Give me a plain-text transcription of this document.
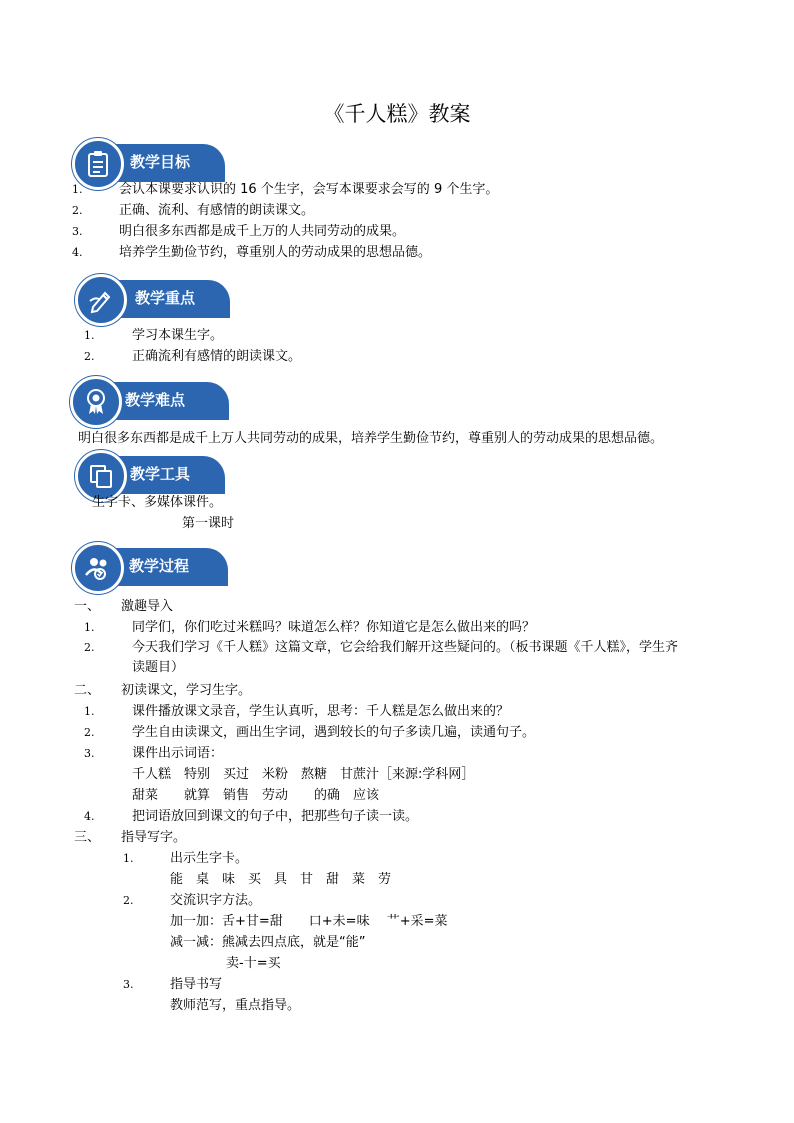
《千人糕》教案
教学目标
1.	会认本课要求认识的 16 个生字，会写本课要求会写的 9 个生字。
2.	正确、流利、有感情的朗读课文。
3.	明白很多东西都是成千上万的人共同劳动的成果。
4.	培养学生勤俭节约，尊重别人的劳动成果的思想品德。
教学重点
1.	学习本课生字。
2.	正确流利有感情的朗读课文。
教学难点
明白很多东西都是成千上万人共同劳动的成果，培养学生勤俭节约，尊重别人的劳动成果的思想品德。
教学工具
生字卡、多媒体课件。
第一课时
教学过程
一、 激趣导入
1.	同学们，你们吃过米糕吗？味道怎么样？你知道它是怎么做出来的吗？
2.	今天我们学习《千人糕》这篇文章，它会给我们解开这些疑问的。（板书课题《千人糕》，学生齐
读题目）
二、 初读课文，学习生字。
1.	课件播放课文录音，学生认真听，思考：千人糕是怎么做出来的？
2.	学生自由读课文，画出生字词，遇到较长的句子多读几遍，读通句子。
3.	课件出示词语：
千人糕　特别　买过　米粉　熬糖　甘蔗汁［来源:学科网］
甜菜　　就算　销售　劳动　　的确　应该
4.	把词语放回到课文的句子中，把那些句子读一读。
三、 指导写字。
1.	出示生字卡。
能　桌　味　买　具　甘　甜　菜　劳
2.	交流识字方法。
加一加：舌+甘=甜　　口+未=味　 艹+采=菜
减一减：熊减去四点底，就是“能”
卖-十=买
3.	指导书写
教师范写，重点指导。
